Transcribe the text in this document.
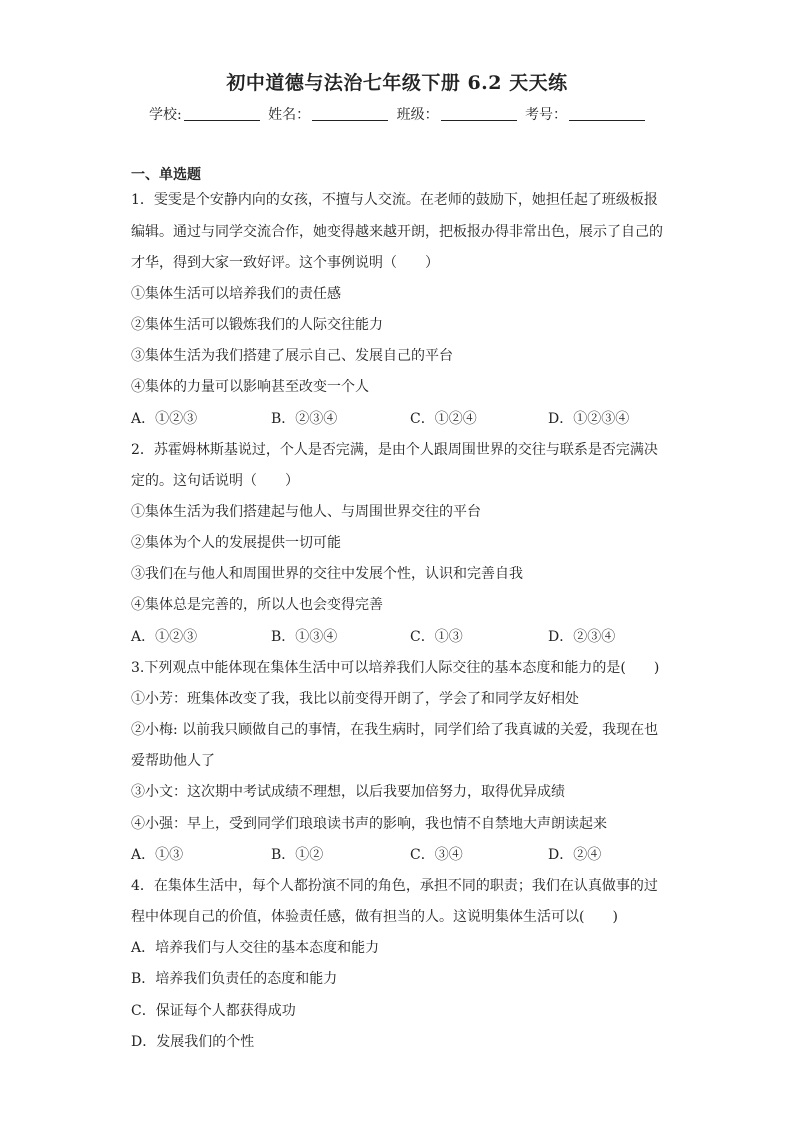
初中道德与法治七年级下册 6.2 天天练
学校:	姓名：	班级：	考号：
一、单选题
1．雯雯是个安静内向的女孩，不擅与人交流。在老师的鼓励下，她担任起了班级板报
编辑。通过与同学交流合作，她变得越来越开朗，把板报办得非常出色，展示了自己的
才华，得到大家一致好评。这个事例说明（　　）
①集体生活可以培养我们的责任感
②集体生活可以锻炼我们的人际交往能力
③集体生活为我们搭建了展示自己、发展自己的平台
④集体的力量可以影响甚至改变一个人
A．①②③	B．②③④	C．①②④	D．①②③④
2．苏霍姆林斯基说过，个人是否完满，是由个人跟周围世界的交往与联系是否完满决
定的。这句话说明（　　）
①集体生活为我们搭建起与他人、与周围世界交往的平台
②集体为个人的发展提供一切可能
③我们在与他人和周围世界的交往中发展个性，认识和完善自我
④集体总是完善的，所以人也会变得完善
A．①②③	B．①③④	C．①③	D．②③④
3.下列观点中能体现在集体生活中可以培养我们人际交往的基本态度和能力的是(　　)
①小芳：班集体改变了我，我比以前变得开朗了，学会了和同学友好相处
②小梅: 以前我只顾做自己的事情，在我生病时，同学们给了我真诚的关爱，我现在也
爱帮助他人了
③小文：这次期中考试成绩不理想，以后我要加倍努力，取得优异成绩
④小强：早上，受到同学们琅琅读书声的影响，我也情不自禁地大声朗读起来
A．①③	B．①②	C．③④	D．②④
4．在集体生活中，每个人都扮演不同的角色，承担不同的职责；我们在认真做事的过
程中体现自己的价值，体验责任感，做有担当的人。这说明集体生活可以(　　)
A．培养我们与人交往的基本态度和能力
B．培养我们负责任的态度和能力
C．保证每个人都获得成功
D．发展我们的个性
